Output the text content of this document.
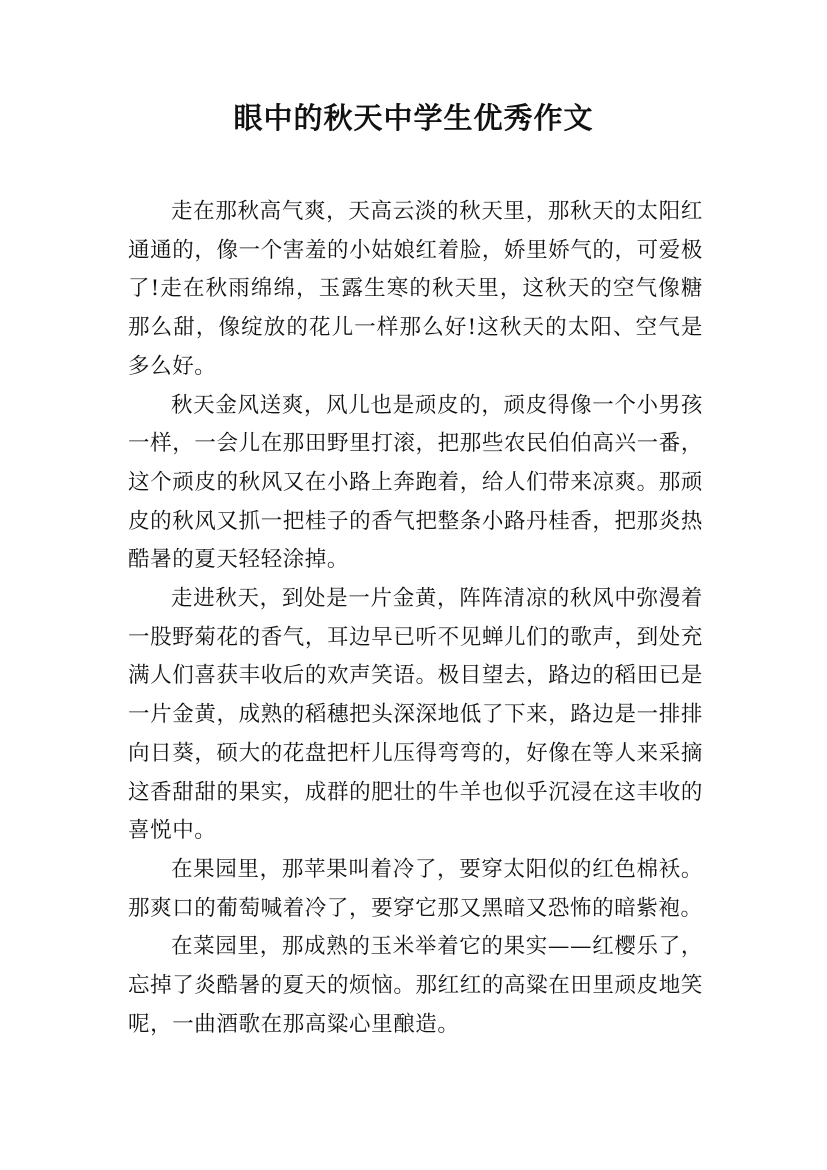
眼中的秋天中学生优秀作文

走在那秋高气爽，天高云淡的秋天里，那秋天的太阳红通通的，像一个害羞的小姑娘红着脸，娇里娇气的，可爱极了!走在秋雨绵绵，玉露生寒的秋天里，这秋天的空气像糖那么甜，像绽放的花儿一样那么好!这秋天的太阳、空气是多么好。

秋天金风送爽，风儿也是顽皮的，顽皮得像一个小男孩一样，一会儿在那田野里打滚，把那些农民伯伯高兴一番，这个顽皮的秋风又在小路上奔跑着，给人们带来凉爽。那顽皮的秋风又抓一把桂子的香气把整条小路丹桂香，把那炎热酷暑的夏天轻轻涂掉。

走进秋天，到处是一片金黄，阵阵清凉的秋风中弥漫着一股野菊花的香气，耳边早已听不见蝉儿们的歌声，到处充满人们喜获丰收后的欢声笑语。极目望去，路边的稻田已是一片金黄，成熟的稻穗把头深深地低了下来，路边是一排排向日葵，硕大的花盘把杆儿压得弯弯的，好像在等人来采摘这香甜甜的果实，成群的肥壮的牛羊也似乎沉浸在这丰收的喜悦中。

在果园里，那苹果叫着冷了，要穿太阳似的红色棉袄。那爽口的葡萄喊着冷了，要穿它那又黑暗又恐怖的暗紫袍。

在菜园里，那成熟的玉米举着它的果实——红樱乐了，忘掉了炎酷暑的夏天的烦恼。那红红的高粱在田里顽皮地笑呢，一曲酒歌在那高粱心里酿造。
